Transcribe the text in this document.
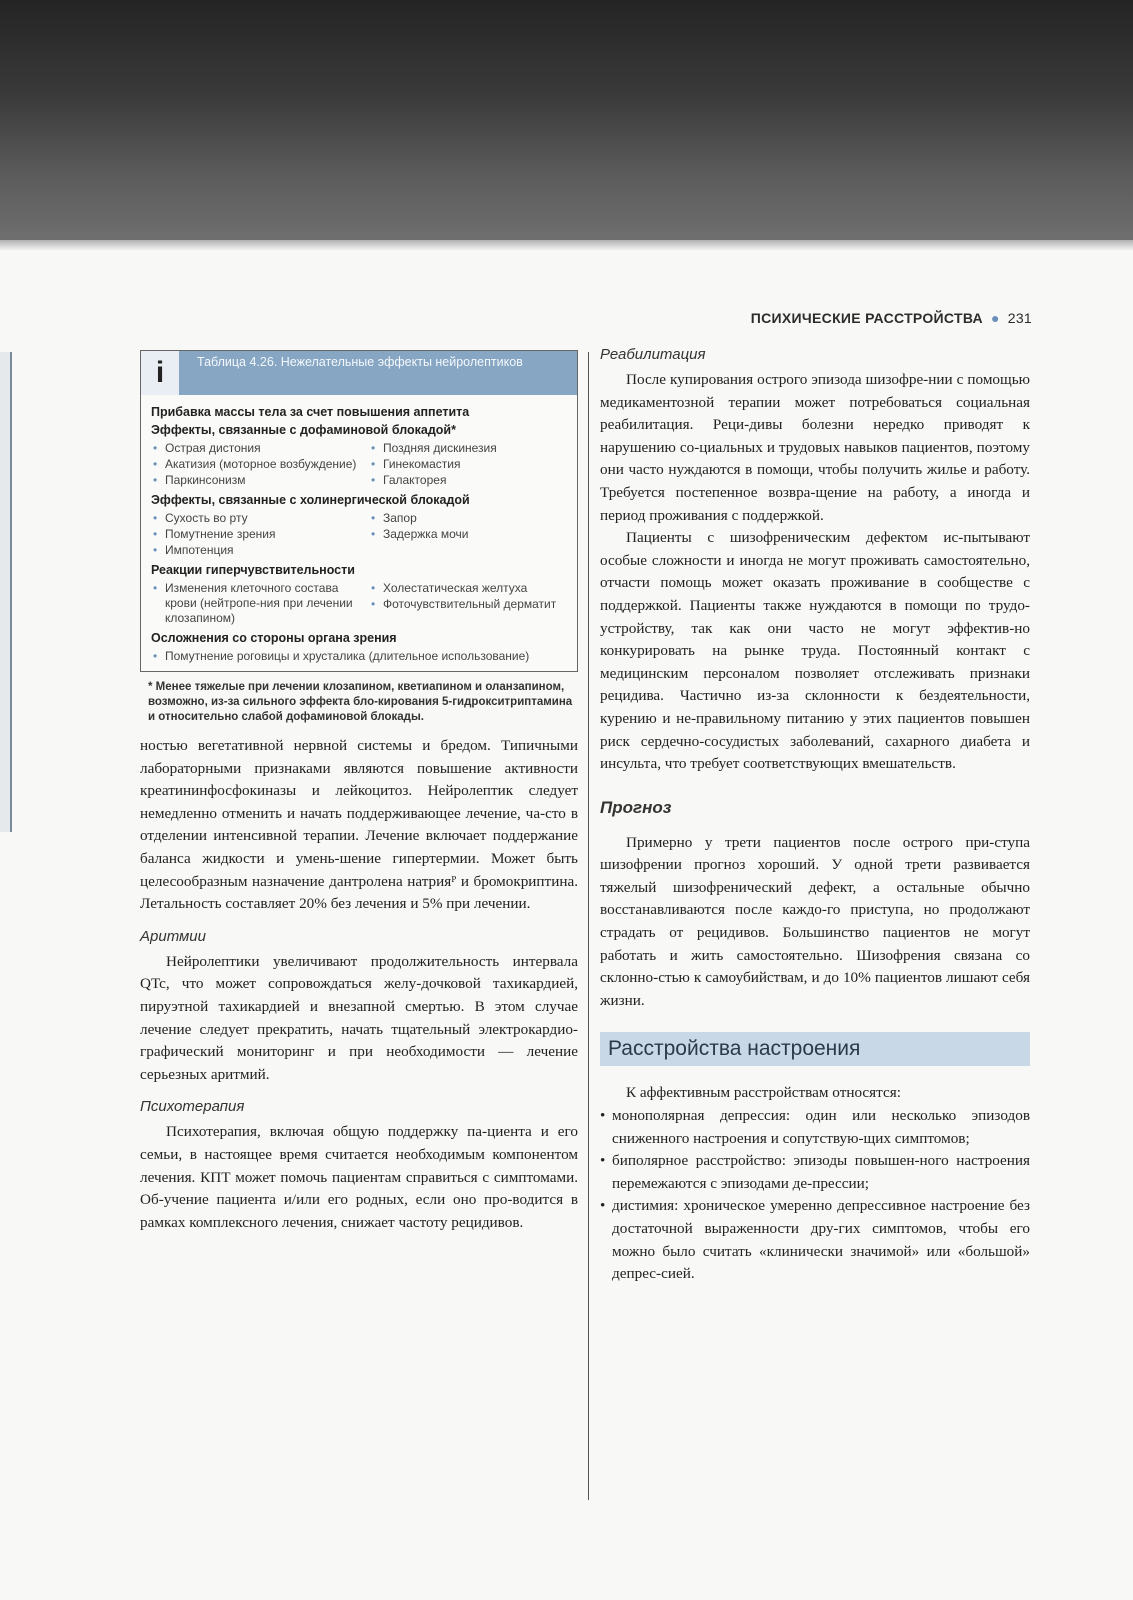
ПСИХИЧЕСКИЕ РАССТРОЙСТВА ● 231
i	Таблица 4.26. Нежелательные эффекты нейролептиков
Прибавка массы тела за счет повышения аппетита
Эффекты, связанные с дофаминовой блокадой*
• Острая дистония
• Акатизия (моторное возбуждение)
• Паркинсонизм
• Поздняя дискинезия
• Гинекомастия
• Галакторея
Эффекты, связанные с холинергической блокадой
• Сухость во рту
• Помутнение зрения
• Импотенция
• Запор
• Задержка мочи
Реакции гиперчувствительности
• Изменения клеточного состава крови (нейтропе-ния при лечении клозапином)
• Холестатическая желтуха
• Фоточувствительный дерматит
Осложнения со стороны органа зрения
• Помутнение роговицы и хрусталика (длительное использование)
* Менее тяжелые при лечении клозапином, кветиапином и оланзапином, возможно, из-за сильного эффекта бло-кирования 5-гидрокситриптамина и относительно слабой дофаминовой блокады.

ностью вегетативной нервной системы и бредом. Типичными лабораторными признаками являются повышение активности креатининфосфокиназы и лейкоцитоз. Нейролептик следует немедленно отменить и начать поддерживающее лечение, ча-сто в отделении интенсивной терапии. Лечение включает поддержание баланса жидкости и умень-шение гипертермии. Может быть целесообразным назначение дантролена натрияᴾ и бромокриптина. Летальность составляет 20% без лечения и 5% при лечении.

Аритмии

Нейролептики увеличивают продолжительность интервала QTc, что может сопровождаться желу-дочковой тахикардией, пируэтной тахикардией и внезапной смертью. В этом случае лечение следует прекратить, начать тщательный электрокардио-графический мониторинг и при необходимости — лечение серьезных аритмий.

Психотерапия

Психотерапия, включая общую поддержку па-циента и его семьи, в настоящее время считается необходимым компонентом лечения. КПТ может помочь пациентам справиться с симптомами. Об-учение пациента и/или его родных, если оно про-водится в рамках комплексного лечения, снижает частоту рецидивов.

Реабилитация

После купирования острого эпизода шизофре-нии с помощью медикаментозной терапии может потребоваться социальная реабилитация. Реци-дивы болезни нередко приводят к нарушению со-циальных и трудовых навыков пациентов, поэтому они часто нуждаются в помощи, чтобы получить жилье и работу. Требуется постепенное возвра-щение на работу, а иногда и период проживания с поддержкой.

Пациенты с шизофреническим дефектом ис-пытывают особые сложности и иногда не могут проживать самостоятельно, отчасти помощь может оказать проживание в сообществе с поддержкой. Пациенты также нуждаются в помощи по трудо-устройству, так как они часто не могут эффектив-но конкурировать на рынке труда. Постоянный контакт с медицинским персоналом позволяет отслеживать признаки рецидива. Частично из-за склонности к бездеятельности, курению и не-правильному питанию у этих пациентов повышен риск сердечно-сосудистых заболеваний, сахарного диабета и инсульта, что требует соответствующих вмешательств.

Прогноз

Примерно у трети пациентов после острого при-ступа шизофрении прогноз хороший. У одной трети развивается тяжелый шизофренический дефект, а остальные обычно восстанавливаются после каждо-го приступа, но продолжают страдать от рецидивов. Большинство пациентов не могут работать и жить самостоятельно. Шизофрения связана со склонно-стью к самоубийствам, и до 10% пациентов лишают себя жизни.

Расстройства настроения

К аффективным расстройствам относятся:

• монополярная депрессия: один или несколько эпизодов сниженного настроения и сопутствую-щих симптомов;
• биполярное расстройство: эпизоды повышен-ного настроения перемежаются с эпизодами де-прессии;
• дистимия: хроническое умеренно депрессивное настроение без достаточной выраженности дру-гих симптомов, чтобы его можно было считать «клинически значимой» или «большой» депрес-сией.
